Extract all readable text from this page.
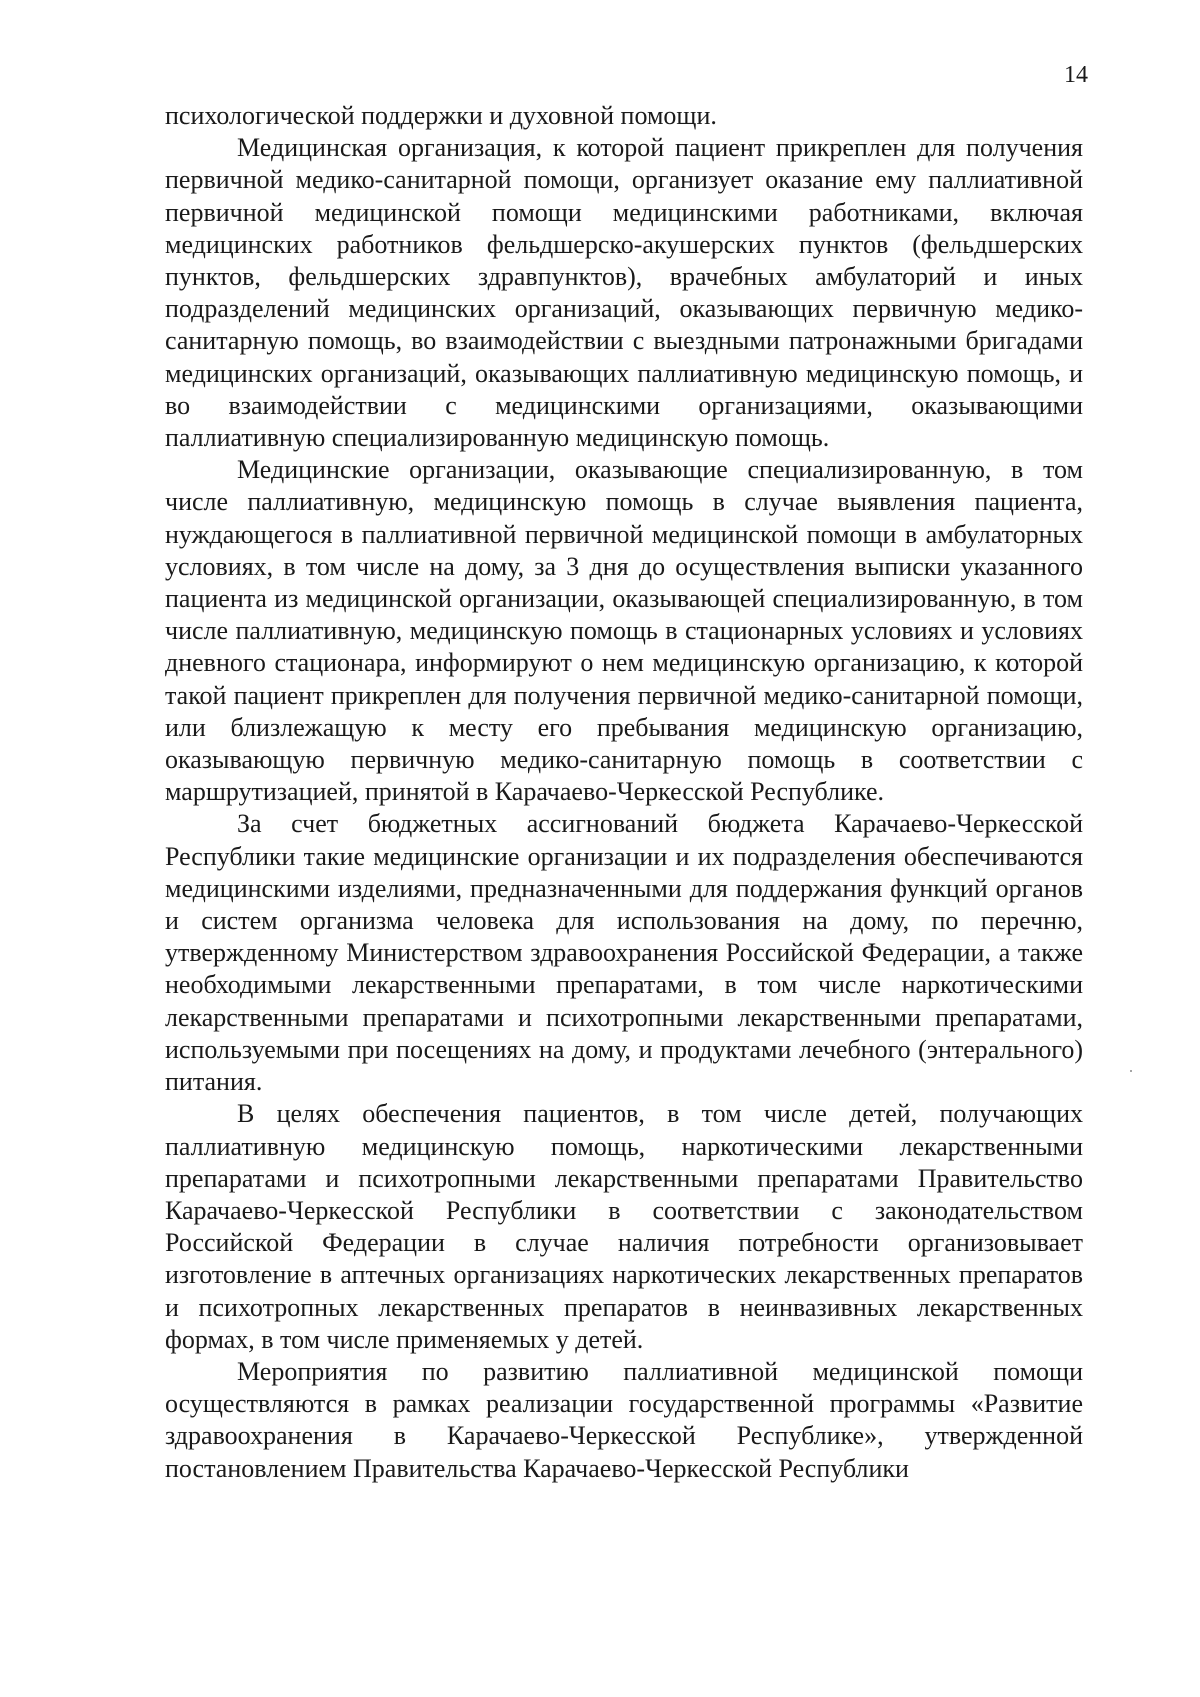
14

психологической поддержки и духовной помощи.

Медицинская организация, к которой пациент прикреплен для получения первичной медико-санитарной помощи, организует оказание ему паллиативной первичной медицинской помощи медицинскими работниками, включая медицинских работников фельдшерско-акушерских пунктов (фельдшерских пунктов, фельдшерских здравпунктов), врачебных амбулаторий и иных подразделений медицинских организаций, оказывающих первичную медико-санитарную помощь, во взаимодействии с выездными патронажными бригадами медицинских организаций, оказывающих паллиативную медицинскую помощь, и во взаимодействии с медицинскими организациями, оказывающими паллиативную специализированную медицинскую помощь.

Медицинские организации, оказывающие специализированную, в том числе паллиативную, медицинскую помощь в случае выявления пациента, нуждающегося в паллиативной первичной медицинской помощи в амбулаторных условиях, в том числе на дому, за 3 дня до осуществления выписки указанного пациента из медицинской организации, оказывающей специализированную, в том числе паллиативную, медицинскую помощь в стационарных условиях и условиях дневного стационара, информируют о нем медицинскую организацию, к которой такой пациент прикреплен для получения первичной медико-санитарной помощи, или близлежащую к месту его пребывания медицинскую организацию, оказывающую первичную медико-санитарную помощь в соответствии с маршрутизацией, принятой в Карачаево-Черкесской Республике.

За счет бюджетных ассигнований бюджета Карачаево-Черкесской Республики такие медицинские организации и их подразделения обеспечиваются медицинскими изделиями, предназначенными для поддержания функций органов и систем организма человека для использования на дому, по перечню, утвержденному Министерством здравоохранения Российской Федерации, а также необходимыми лекарственными препаратами, в том числе наркотическими лекарственными препаратами и психотропными лекарственными препаратами, используемыми при посещениях на дому, и продуктами лечебного (энтерального) питания.

В целях обеспечения пациентов, в том числе детей, получающих паллиативную медицинскую помощь, наркотическими лекарственными препаратами и психотропными лекарственными препаратами Правительство Карачаево-Черкесской Республики в соответствии с законодательством Российской Федерации в случае наличия потребности организовывает изготовление в аптечных организациях наркотических лекарственных препаратов и психотропных лекарственных препаратов в неинвазивных лекарственных формах, в том числе применяемых у детей.

Мероприятия по развитию паллиативной медицинской помощи осуществляются в рамках реализации государственной программы «Развитие здравоохранения в Карачаево-Черкесской Республике», утвержденной постановлением Правительства Карачаево-Черкесской Республики
